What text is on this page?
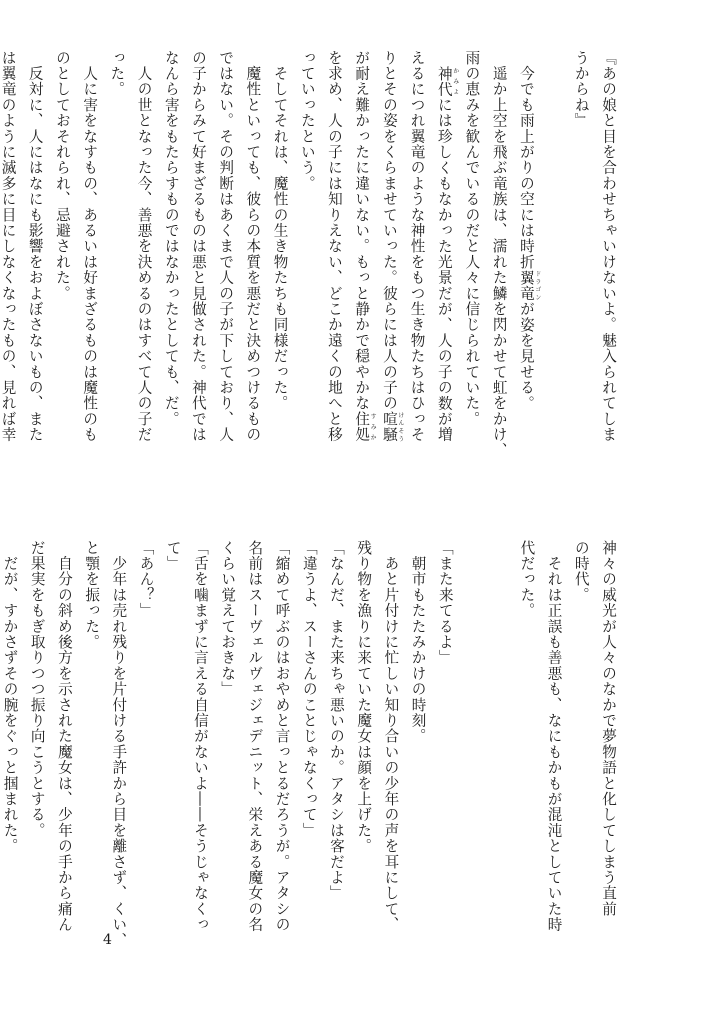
『あの娘と目を合わせちゃいけないよ。魅入られてしま

うからね』

　今でも雨上がりの空には時折翼竜 ドラゴンが姿を見せる。

　遥か上空を飛ぶ竜族は、濡れた鱗を閃かせて虹をかけ、

雨の恵みを歓んでいるのだと人々に信じられていた。

　神代 かみよには珍しくもなかった光景だが、人の子の数が増

えるにつれ翼竜のような神性をもつ生き物たちはひっそ

りとその姿をくらませていった。彼らには人の子の喧騒 けんそう

が耐え難かったに違いない。もっと静かで穏やかな住処 すみか

を求め、人の子には知りえない、どこか遠くの地へと移

っていったという。

　そしてそれは、魔性の生き物たちも同様だった。

　魔性といっても、彼らの本質を悪だと決めつけるもの

ではない。その判断はあくまで人の子が下しており、人

の子からみて好まざるものは悪と見做された。神代では

なんら害をもたらすものではなかったとしても、だ。

　人の世となった今、善悪を決めるのはすべて人の子だ

った。

　人に害をなすもの、あるいは好まざるものは魔性のも

のとしておそれられ、忌避された。

　反対に、人にはなにも影響をおよぼさないもの、また

は翼竜のように滅多に目にしなくなったもの、見れば幸

神々の威光が人々のなかで夢物語と化してしまう直前

の時代。

　それは正誤も善悪も、なにもかもが混沌としていた時

代だった。

「また来てるよ」

　朝市もたたみかけの時刻。

　あと片付けに忙しい知り合いの少年の声を耳にして、

残り物を漁りに来ていた魔女は顔を上げた。

「なんだ、また来ちゃ悪いのか。アタシは客だよ」

「違うよ、スーさんのことじゃなくって」

「縮めて呼ぶのはおやめと言っとるだろうが。アタシの

名前はスーヴェルヴェジェデニット、栄えある魔女の名

くらい覚えておきな」

「舌を噛まずに言える自信がないよ――そうじゃなくっ

て」

「あん？」

　少年は売れ残りを片付ける手許から目を離さず、くい、

と顎を振った。

　自分の斜め後方を示された魔女は、少年の手から痛ん

だ果実をもぎ取りつつ振り向こうとする。

　だが、すかさずその腕をぐっと掴まれた。

4
